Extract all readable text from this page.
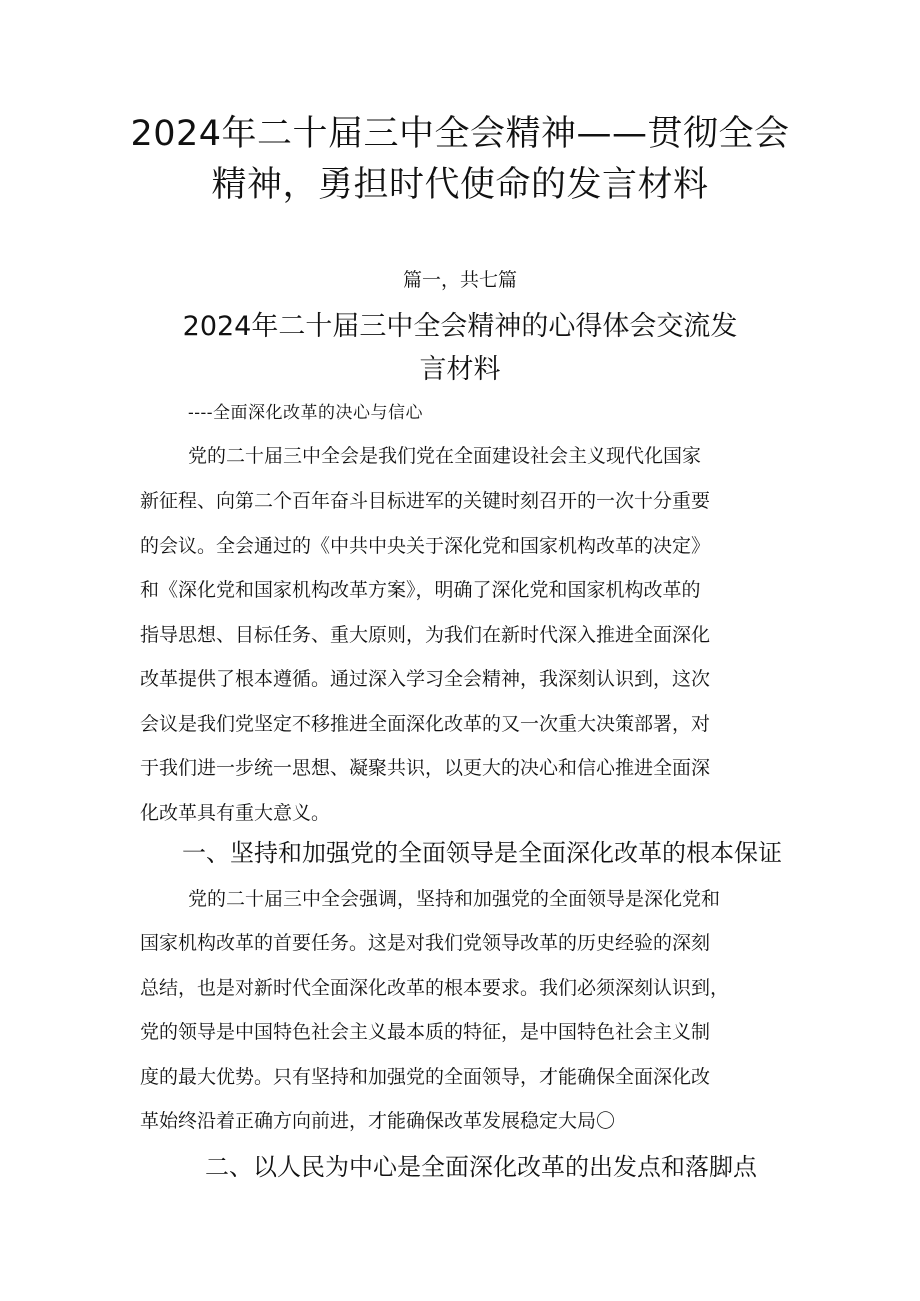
2024年二十届三中全会精神——贯彻全会
精神，勇担时代使命的发言材料
篇一，共七篇
2024年二十届三中全会精神的心得体会交流发
言材料
----全面深化改革的决心与信心
党的二十届三中全会是我们党在全面建设社会主义现代化国家
新征程、向第二个百年奋斗目标进军的关键时刻召开的一次十分重要
的会议。全会通过的《中共中央关于深化党和国家机构改革的决定》
和《深化党和国家机构改革方案》，明确了深化党和国家机构改革的
指导思想、目标任务、重大原则，为我们在新时代深入推进全面深化
改革提供了根本遵循。通过深入学习全会精神，我深刻认识到，这次
会议是我们党坚定不移推进全面深化改革的又一次重大决策部署，对
于我们进一步统一思想、凝聚共识，以更大的决心和信心推进全面深
化改革具有重大意义。
一、坚持和加强党的全面领导是全面深化改革的根本保证
党的二十届三中全会强调，坚持和加强党的全面领导是深化党和
国家机构改革的首要任务。这是对我们党领导改革的历史经验的深刻
总结，也是对新时代全面深化改革的根本要求。我们必须深刻认识到，
党的领导是中国特色社会主义最本质的特征，是中国特色社会主义制
度的最大优势。只有坚持和加强党的全面领导，才能确保全面深化改
革始终沿着正确方向前进，才能确保改革发展稳定大局〇
二、以人民为中心是全面深化改革的出发点和落脚点
